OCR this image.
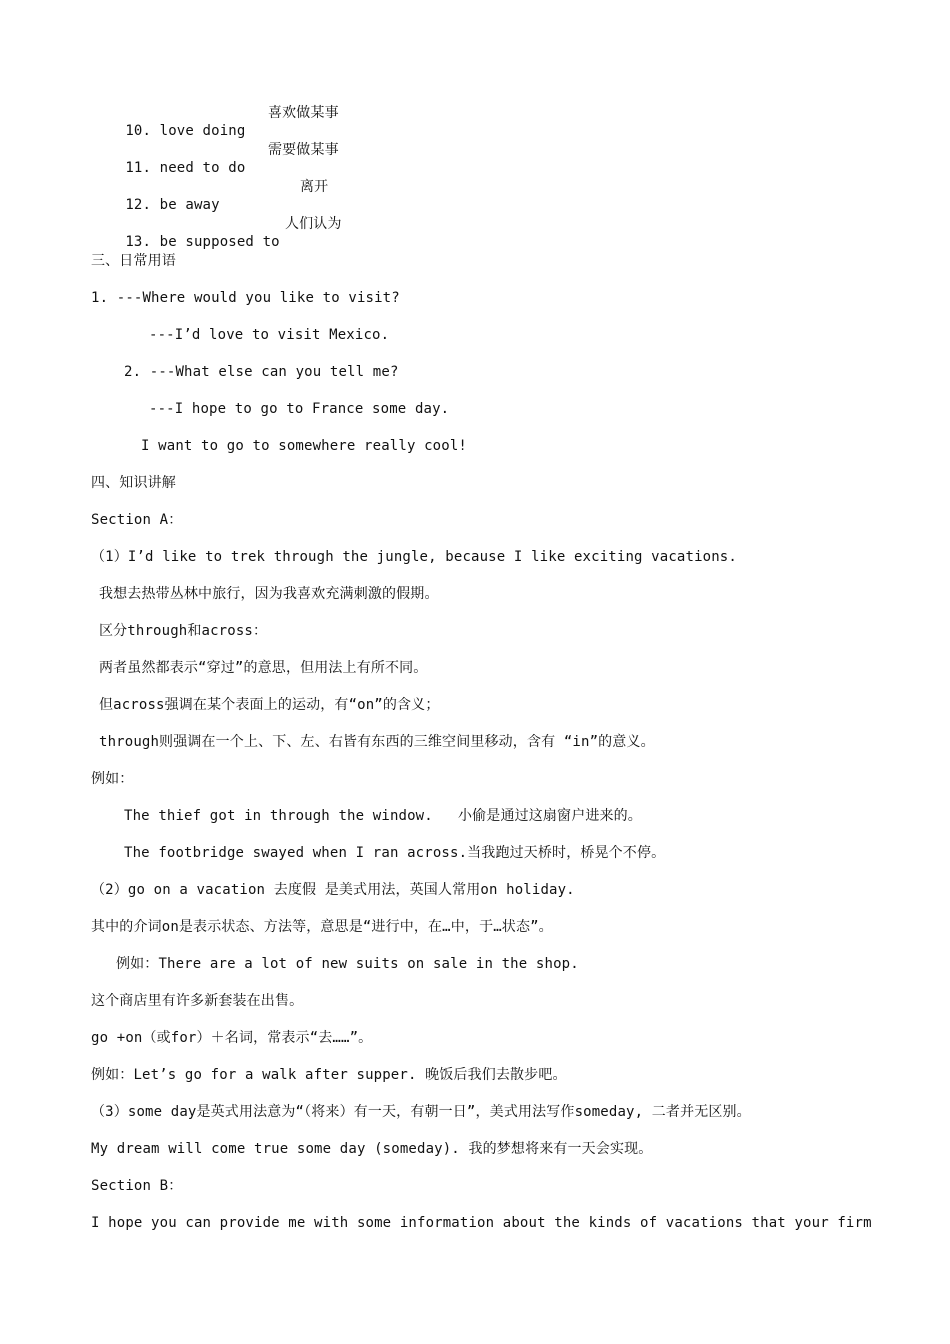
10. love doing

喜欢做某事

11. need to do

需要做某事

12. be away

离开

13. be supposed to

人们认为
三、日常用语
1. ---Where would you like to visit?
---I’d love to visit Mexico.
2. ---What else can you tell me?
---I hope to go to France some day.
I want to go to somewhere really cool!
四、知识讲解
Section A：
（1）I’d like to trek through the jungle, because I like exciting vacations.
我想去热带丛林中旅行，因为我喜欢充满刺激的假期。
区分through和across：
两者虽然都表示“穿过”的意思，但用法上有所不同。
但across强调在某个表面上的运动，有“on”的含义；
through则强调在一个上、下、左、右皆有东西的三维空间里移动，含有 “in”的意义。
例如：
The thief got in through the window. 小偷是通过这扇窗户进来的。
The footbridge swayed when I ran across.当我跑过天桥时，桥晃个不停。
（2）go on a vacation 去度假 是美式用法，英国人常用on holiday.
其中的介词on是表示状态、方法等，意思是“进行中，在…中，于…状态”。
例如：There are a lot of new suits on sale in the shop.
这个商店里有许多新套装在出售。
go +on（或for）＋名词，常表示“去……”。
例如：Let’s go for a walk after supper. 晚饭后我们去散步吧。
（3）some day是英式用法意为“（将来）有一天，有朝一日”，美式用法写作someday, 二者并无区别。
My dream will come true some day (someday). 我的梦想将来有一天会实现。
Section B：
I hope you can provide me with some information about the kinds of vacations that your firm
